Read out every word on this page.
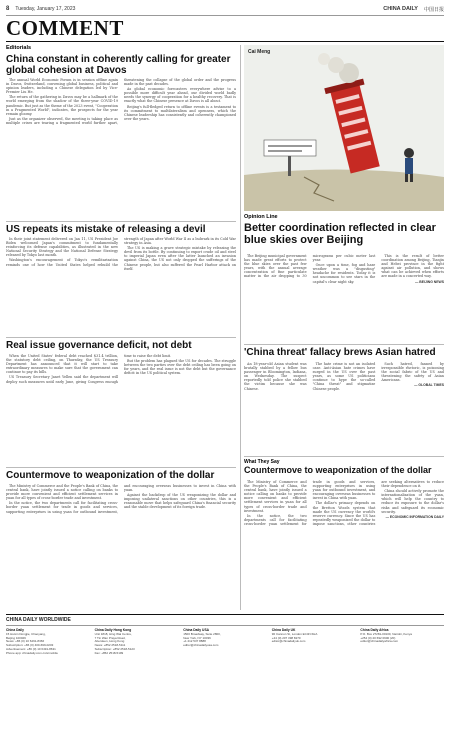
8 Tuesday, January 17, 2023	CHINA DAILY 中国日报
COMMENT
Editorials
China constant in coherently calling for greater global cohesion at Davos

The annual World Economic Forum is in session offline again in Davos, Switzerland, convening global business, political and opinion leaders, including a Chinese delegation led by Vice-Premier Liu He.

The return of the gathering in Davos may be a hallmark of the world emerging from the shadow of the three-year COVID-19 pandemic. But just as the theme of the 2023 event, "Cooperation in a Fragmented World", indicates, the prospects for the year remain gloomy.

Just as the organizer observed, the meeting is taking place as multiple crises are tearing a fragmented world further apart, threatening the collapse of the global order and the progress made in the past decades.

As global economic forecasters everywhere advise to a possible more difficult year ahead, our divided world badly needs the synergy of cooperation for a healthy recovery. That is exactly what the Chinese presence at Davos is all about.

Beijing's full-fledged return to offline events is a testament to its commitment to multilateralism and openness, which the Chinese leadership has consistently and coherently championed over the years.

US repeats its mistake of releasing a devil

In their joint statement delivered on Jan 11, US President Joe Biden welcomed Japan's commitment to fundamentally reinforcing its defense capabilities, as illustrated in the new National Security Strategy and the National Defense Strategy released by Tokyo last month.

Washington's encouragement of Tokyo's remilitarization reminds one of how the United States helped rebuild the strength of Japan after World War II as a bulwark in its Cold War strategy in Asia.

The US is making a grave strategic mistake by releasing the devil from its bottle. By continuing to export crude oil and steel to imperial Japan even after the latter launched an invasion against China, the US not only dropped the sufferings of the Chinese people, but also suffered the Pearl Harbor attack on itself.

Real issue governance deficit, not debt

When the United States' federal debt reached $31.4 trillion, the statutory debt ceiling, on Thursday, the US Treasury Department has announced that it will start to take extraordinary measures to make sure that the government can continue to pay its bills.

US Treasury Secretary Janet Yellen said the department will deploy such measures until early June, giving Congress enough time to raise the debt limit.

But the problem has plagued the US for decades. The struggle between the two parties over the debt ceiling has been going on for years, and the real issue is not the debt but the governance deficit in the US political system.

Countermove to weaponization of the dollar

The Ministry of Commerce and the People's Bank of China, the central bank, have jointly issued a notice calling on banks to provide more convenient and efficient settlement services in yuan for all types of cross-border trade and investment.

In the notice, the two departments call for facilitating cross-border yuan settlement for trade in goods and services, supporting enterprises in using yuan for outbound investment, and encouraging overseas businesses to invest in China with yuan.

Against the backdrop of the US weaponizing the dollar and imposing unilateral sanctions on other countries, this is a reasonable move that helps safeguard China's financial security and the stable development of its foreign trade.

Cai Meng
Opinion Line
Better coordination reflected in clear blue skies over Beijing

The Beijing municipal government has made great efforts to protect the blue skies over the past few years, with the annual average concentration of fine particulate matter in the air dropping to 30 micrograms per cubic meter last year.

Once upon a time, fog and haze weather was a "disgusting" headache for residents. Today it is not uncommon to see stars in the capital's clear night sky.

This is the result of better coordination among Beijing, Tianjin and Hebei province in the fight against air pollution, and shows what can be achieved when efforts are made in a concerted way.

— BEIJING NEWS
'China threat' fallacy brews Asian hatred

An 18-year-old Asian student was brutally stabbed by a fellow bus passenger in Bloomington, Indiana, on Wednesday. The suspect reportedly told police she stabbed the victim because she was Chinese.

The hate crime is not an isolated case. Anti-Asian hate crimes have surged in the US over the past years, as some US politicians continue to hype the so-called "China threat" and stigmatize Chinese people.

Such hatred, fanned by irresponsible rhetoric, is poisoning the social fabric of the US and threatening the safety of Asian Americans.

— GLOBAL TIMES
What They Say
Countermove to weaponization of the dollar

The Ministry of Commerce and the People's Bank of China, the central bank, have jointly issued a notice calling on banks to provide more convenient and efficient settlement services in yuan for all types of cross-border trade and investment.

In the notice, the two departments call for facilitating cross-border yuan settlement for trade in goods and services, supporting enterprises in using yuan for outbound investment, and encouraging overseas businesses to invest in China with yuan.

The dollar's primacy depends on the Bretton Woods system that made the US currency the world's reserve currency. Since the US has repeatedly weaponized the dollar to impose sanctions, other countries are seeking alternatives to reduce their dependence on it.

China should actively promote the internationalization of the yuan, which will help the country to reduce its exposure to the dollar's risks and safeguard its economic security.

— ECONOMIC INFORMATION DAILY
CHINA DAILY WORLDWIDE
China Daily
15 Huixin Dongjie, Chaoyang,
Beijing 100029
News: +86 (0) 10 6491-8366
Subscription: +86 (0) 400-699-0203
Advertisement: +86 (0) 10 6491-8631
Phone app: chinadaily.com.cn/e/mobile
China Daily Hong Kong
Unit 1818, Hing Wai Centre,
7 Tin Wan Praya Road,
Aberdeen, Hong Kong
News: +852 2518-5111
Subscription: +852 2518-5123
Fax: +852 2518-5199
China Daily USA
1500 Broadway, Suite 2800,
New York, NY 10036
+1 212 537 8888
editor@chinadailyusa.com
China Daily UK
90 Cannon St, London EC4N 6HA
+44 (0) 207 398 8270
editor@chinadailyuk.com
China Daily Africa
P.O. Box 27281-00100, Nairobi, Kenya
+254 (0) 20 692 0900 (20)
editor@chinadailyafrica.com
